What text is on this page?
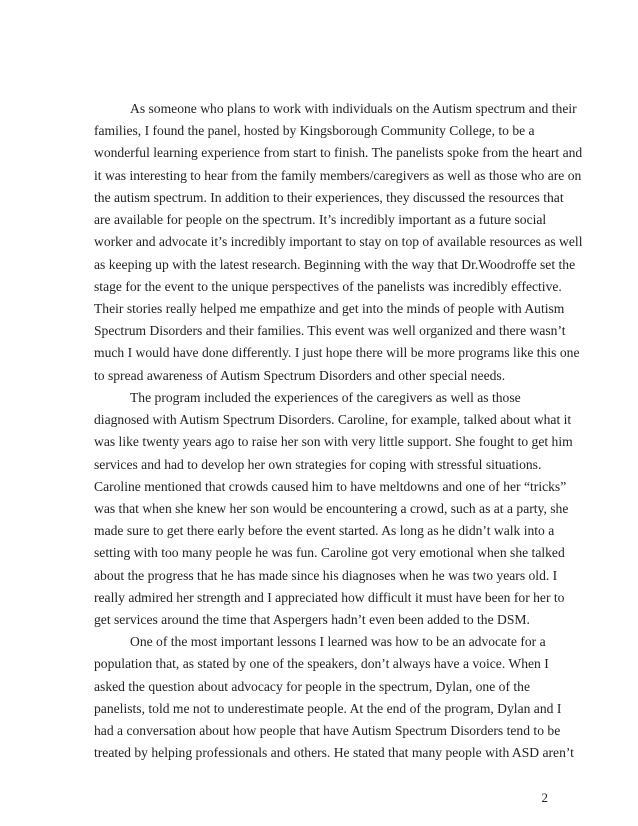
As someone who plans to work with individuals on the Autism spectrum and their
families, I found the panel, hosted by Kingsborough Community College, to be a
wonderful learning experience from start to finish. The panelists spoke from the heart and
it was interesting to hear from the family members/caregivers as well as those who are on
the autism spectrum. In addition to their experiences, they discussed the resources that
are available for people on the spectrum. It’s incredibly important as a future social
worker and advocate it’s incredibly important to stay on top of available resources as well
as keeping up with the latest research. Beginning with the way that Dr.Woodroffe set the
stage for the event to the unique perspectives of the panelists was incredibly effective.
Their stories really helped me empathize and get into the minds of people with Autism
Spectrum Disorders and their families. This event was well organized and there wasn’t
much I would have done differently. I just hope there will be more programs like this one
to spread awareness of Autism Spectrum Disorders and other special needs.
The program included the experiences of the caregivers as well as those
diagnosed with Autism Spectrum Disorders. Caroline, for example, talked about what it
was like twenty years ago to raise her son with very little support. She fought to get him
services and had to develop her own strategies for coping with stressful situations.
Caroline mentioned that crowds caused him to have meltdowns and one of her “tricks”
was that when she knew her son would be encountering a crowd, such as at a party, she
made sure to get there early before the event started. As long as he didn’t walk into a
setting with too many people he was fun. Caroline got very emotional when she talked
about the progress that he has made since his diagnoses when he was two years old. I
really admired her strength and I appreciated how difficult it must have been for her to
get services around the time that Aspergers hadn’t even been added to the DSM.
One of the most important lessons I learned was how to be an advocate for a
population that, as stated by one of the speakers, don’t always have a voice. When I
asked the question about advocacy for people in the spectrum, Dylan, one of the
panelists, told me not to underestimate people. At the end of the program, Dylan and I
had a conversation about how people that have Autism Spectrum Disorders tend to be
treated by helping professionals and others. He stated that many people with ASD aren’t
2
